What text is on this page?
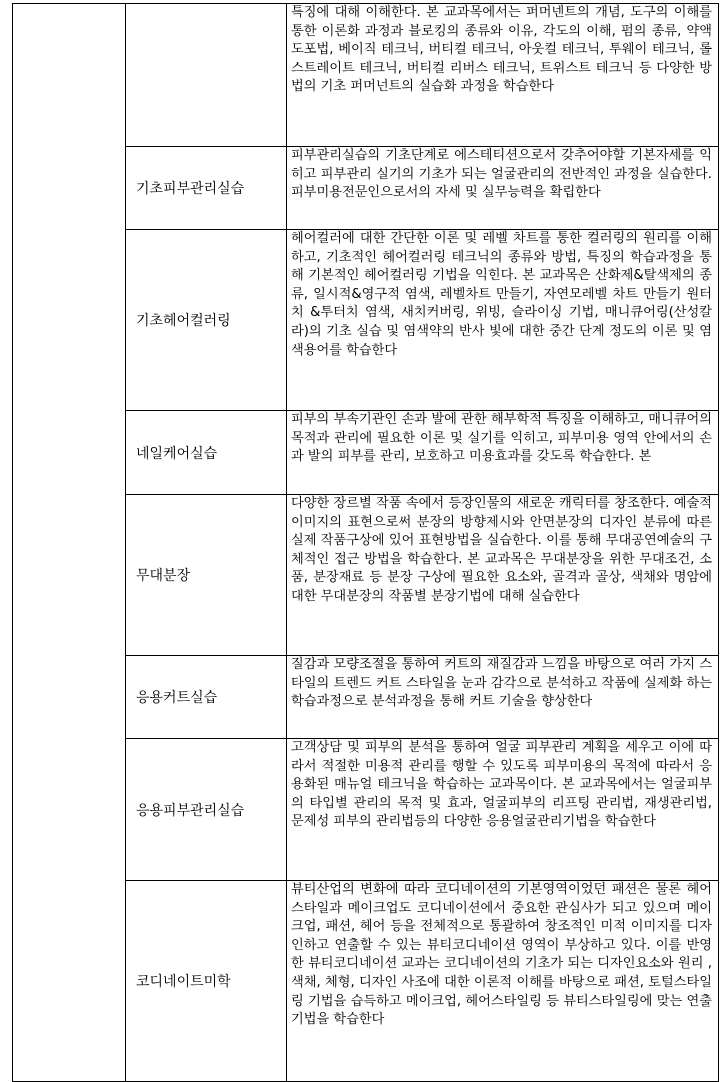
		특징에 대해 이해한다. 본 교과목에서는 퍼머넨트의 개념, 도구의 이해를 통한 이론화 과정과 블로킹의 종류와 이유, 각도의 이해, 펌의 종류, 약액 도포법, 베이직 테크닉, 버티컬 테크닉, 아웃컬 테크닉, 투웨이 테크닉, 롤 스트레이트 테크닉, 버티컬 리버스 테크닉, 트위스트 테크닉 등 다양한 방법의 기초 퍼머넌트의 실습화 과정을 학습한다

	기초피부관리실습	피부관리실습의 기초단계로 에스테티션으로서 갖추어야할 기본자세를 익히고 피부관리 실기의 기초가 되는 얼굴관리의 전반적인 과정을 실습한다. 피부미용전문인으로서의 자세 및 실무능력을 확립한다

	기초헤어컬러링	헤어컬러에 대한 간단한 이론 및 레벨 차트를 통한 컬러링의 원리를 이해하고, 기초적인 헤어컬러링 테크닉의 종류와 방법, 특징의 학습과정을 통해 기본적인 헤어컬러링 기법을 익힌다. 본 교과목은 산화제&탈색제의 종류, 일시적&영구적 염색, 레벨차트 만들기, 자연모레벨 차트 만들기 원터치 &투터치 염색, 새치커버링, 위빙, 슬라이싱 기법, 매니큐어링(산성칼라)의 기초 실습 및 염색약의 반사 빛에 대한 중간 단계 정도의 이론 및 염색용어를 학습한다

	네일케어실습	피부의 부속기관인 손과 발에 관한 해부학적 특징을 이해하고, 매니큐어의 목적과 관리에 필요한 이론 및 실기를 익히고, 피부미용 영역 안에서의 손과 발의 피부를 관리, 보호하고 미용효과를 갖도록 학습한다. 본

	무대분장	다양한 장르별 작품 속에서 등장인물의 새로운 캐릭터를 창조한다. 예술적 이미지의 표현으로써 분장의 방향제시와 안면분장의 디자인 분류에 따른 실제 작품구상에 있어 표현방법을 실습한다. 이를 통해 무대공연예술의 구체적인 접근 방법을 학습한다. 본 교과목은 무대분장을 위한 무대조건, 소품, 분장재료 등 분장 구상에 필요한 요소와, 골격과 골상, 색채와 명암에 대한 무대분장의 작품별 분장기법에 대해 실습한다

	응용커트실습	질감과 모량조절을 통하여 커트의 재질감과 느낌을 바탕으로 여러 가지 스타일의 트렌드 커트 스타일을 눈과 감각으로 분석하고 작품에 실제화 하는 학습과정으로 분석과정을 통해 커트 기술을 향상한다

	응용피부관리실습	고객상담 및 피부의 분석을 통하여 얼굴 피부관리 계획을 세우고 이에 따라서 적절한 미용적 관리를 행할 수 있도록 피부미용의 목적에 따라서 응용화된 매뉴얼 테크닉을 학습하는 교과목이다. 본 교과목에서는 얼굴피부의 타입별 관리의 목적 및 효과, 얼굴피부의 리프팅 관리법, 재생관리법, 문제성 피부의 관리법등의 다양한 응용얼굴관리기법을 학습한다

	코디네이트미학	뷰티산업의 변화에 따라 코디네이션의 기본영역이었던 패션은 물론 헤어스타일과 메이크업도 코디네이션에서 중요한 관심사가 되고 있으며 메이크업, 패션, 헤어 등을 전체적으로 통괄하여 창조적인 미적 이미지를 디자인하고 연출할 수 있는 뷰티코디네이션 영역이 부상하고 있다. 이를 반영한 뷰티코디네이션 교과는 코디네이션의 기초가 되는 디자인요소와 원리 ,색채, 체형, 디자인 사조에 대한 이론적 이해를 바탕으로 패션, 토털스타일링 기법을 습득하고 메이크업, 헤어스타일링 등 뷰티스타일링에 맞는 연출기법을 학습한다
